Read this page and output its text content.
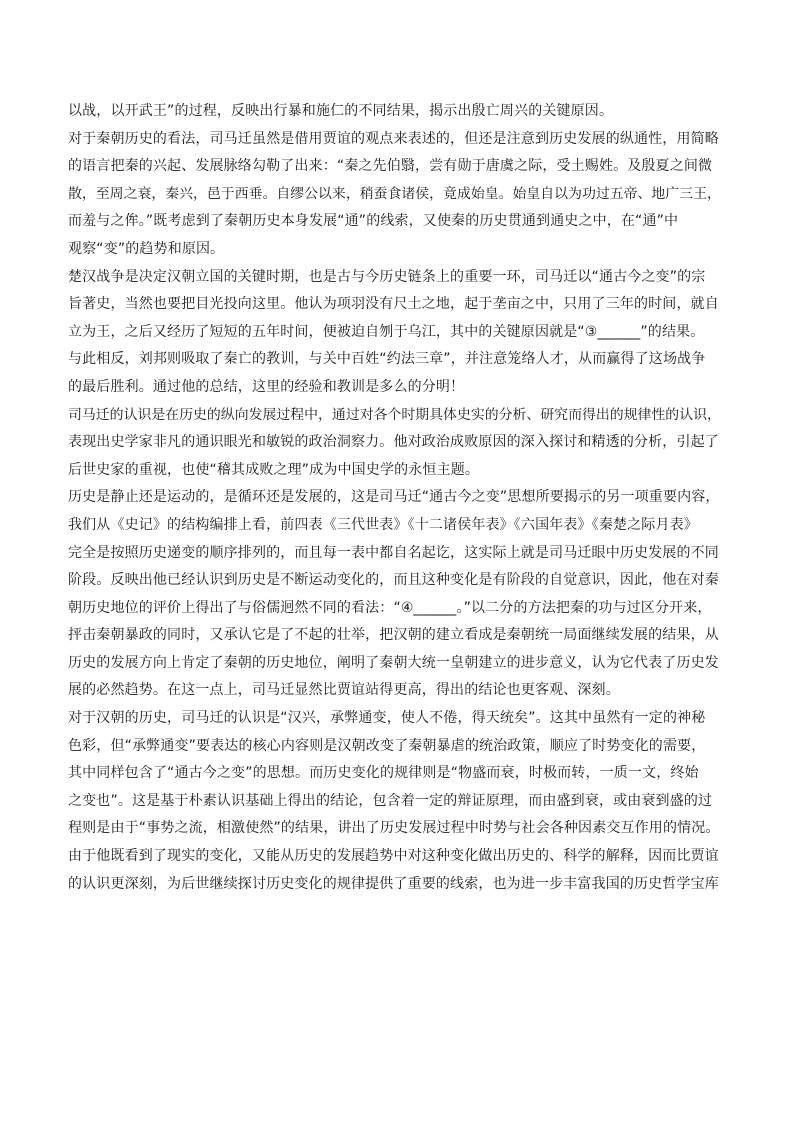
以战，以开武王”的过程，反映出行暴和施仁的不同结果，揭示出殷亡周兴的关键原因。
对于秦朝历史的看法，司马迁虽然是借用贾谊的观点来表述的，但还是注意到历史发展的纵通性，用简略
的语言把秦的兴起、发展脉络勾勒了出来：“秦之先伯翳，尝有勋于唐虞之际，受土赐姓。及殷夏之间微
散，至周之衰，秦兴，邑于西垂。自缪公以来，稍蚕食诸侯，竟成始皇。始皇自以为功过五帝、地广三王，
而羞与之侔。”既考虑到了秦朝历史本身发展“通”的线索，又使秦的历史贯通到通史之中，在“通”中
观察“变”的趋势和原因。
楚汉战争是决定汉朝立国的关键时期，也是古与今历史链条上的重要一环，司马迁以“通古今之变”的宗
旨著史，当然也要把目光投向这里。他认为项羽没有尺土之地，起于垄亩之中，只用了三年的时间，就自
立为王，之后又经历了短短的五年时间，便被迫自刎于乌江，其中的关键原因就是“③______”的结果。
与此相反，刘邦则吸取了秦亡的教训，与关中百姓“约法三章”，并注意笼络人才，从而赢得了这场战争
的最后胜利。通过他的总结，这里的经验和教训是多么的分明！
司马迁的认识是在历史的纵向发展过程中，通过对各个时期具体史实的分析、研究而得出的规律性的认识，
表现出史学家非凡的通识眼光和敏锐的政治洞察力。他对政治成败原因的深入探讨和精透的分析，引起了
后世史家的重视，也使“稽其成败之理”成为中国史学的永恒主题。
历史是静止还是运动的，是循环还是发展的，这是司马迁“通古今之变”思想所要揭示的另一项重要内容，
我们从《史记》的结构编排上看，前四表《三代世表》《十二诸侯年表》《六国年表》《秦楚之际月表》
完全是按照历史递变的顺序排列的，而且每一表中都自名起讫，这实际上就是司马迁眼中历史发展的不同
阶段。反映出他已经认识到历史是不断运动变化的，而且这种变化是有阶段的自觉意识，因此，他在对秦
朝历史地位的评价上得出了与俗儒迥然不同的看法：“④______。”以二分的方法把秦的功与过区分开来，
抨击秦朝暴政的同时，又承认它是了不起的壮举，把汉朝的建立看成是秦朝统一局面继续发展的结果，从
历史的发展方向上肯定了秦朝的历史地位，阐明了秦朝大统一皇朝建立的进步意义，认为它代表了历史发
展的必然趋势。在这一点上，司马迁显然比贾谊站得更高，得出的结论也更客观、深刻。
对于汉朝的历史，司马迁的认识是“汉兴，承弊通变，使人不倦，得天统矣”。这其中虽然有一定的神秘
色彩，但“承弊通变”要表达的核心内容则是汉朝改变了秦朝暴虐的统治政策，顺应了时势变化的需要，
其中同样包含了“通古今之变”的思想。而历史变化的规律则是“物盛而衰，时极而转，一质一文，终始
之变也”。这是基于朴素认识基础上得出的结论，包含着一定的辩证原理，而由盛到衰，或由衰到盛的过
程则是由于“事势之流，相激使然”的结果，讲出了历史发展过程中时势与社会各种因素交互作用的情况。
由于他既看到了现实的变化，又能从历史的发展趋势中对这种变化做出历史的、科学的解释，因而比贾谊
的认识更深刻，为后世继续探讨历史变化的规律提供了重要的线索，也为进一步丰富我国的历史哲学宝库
